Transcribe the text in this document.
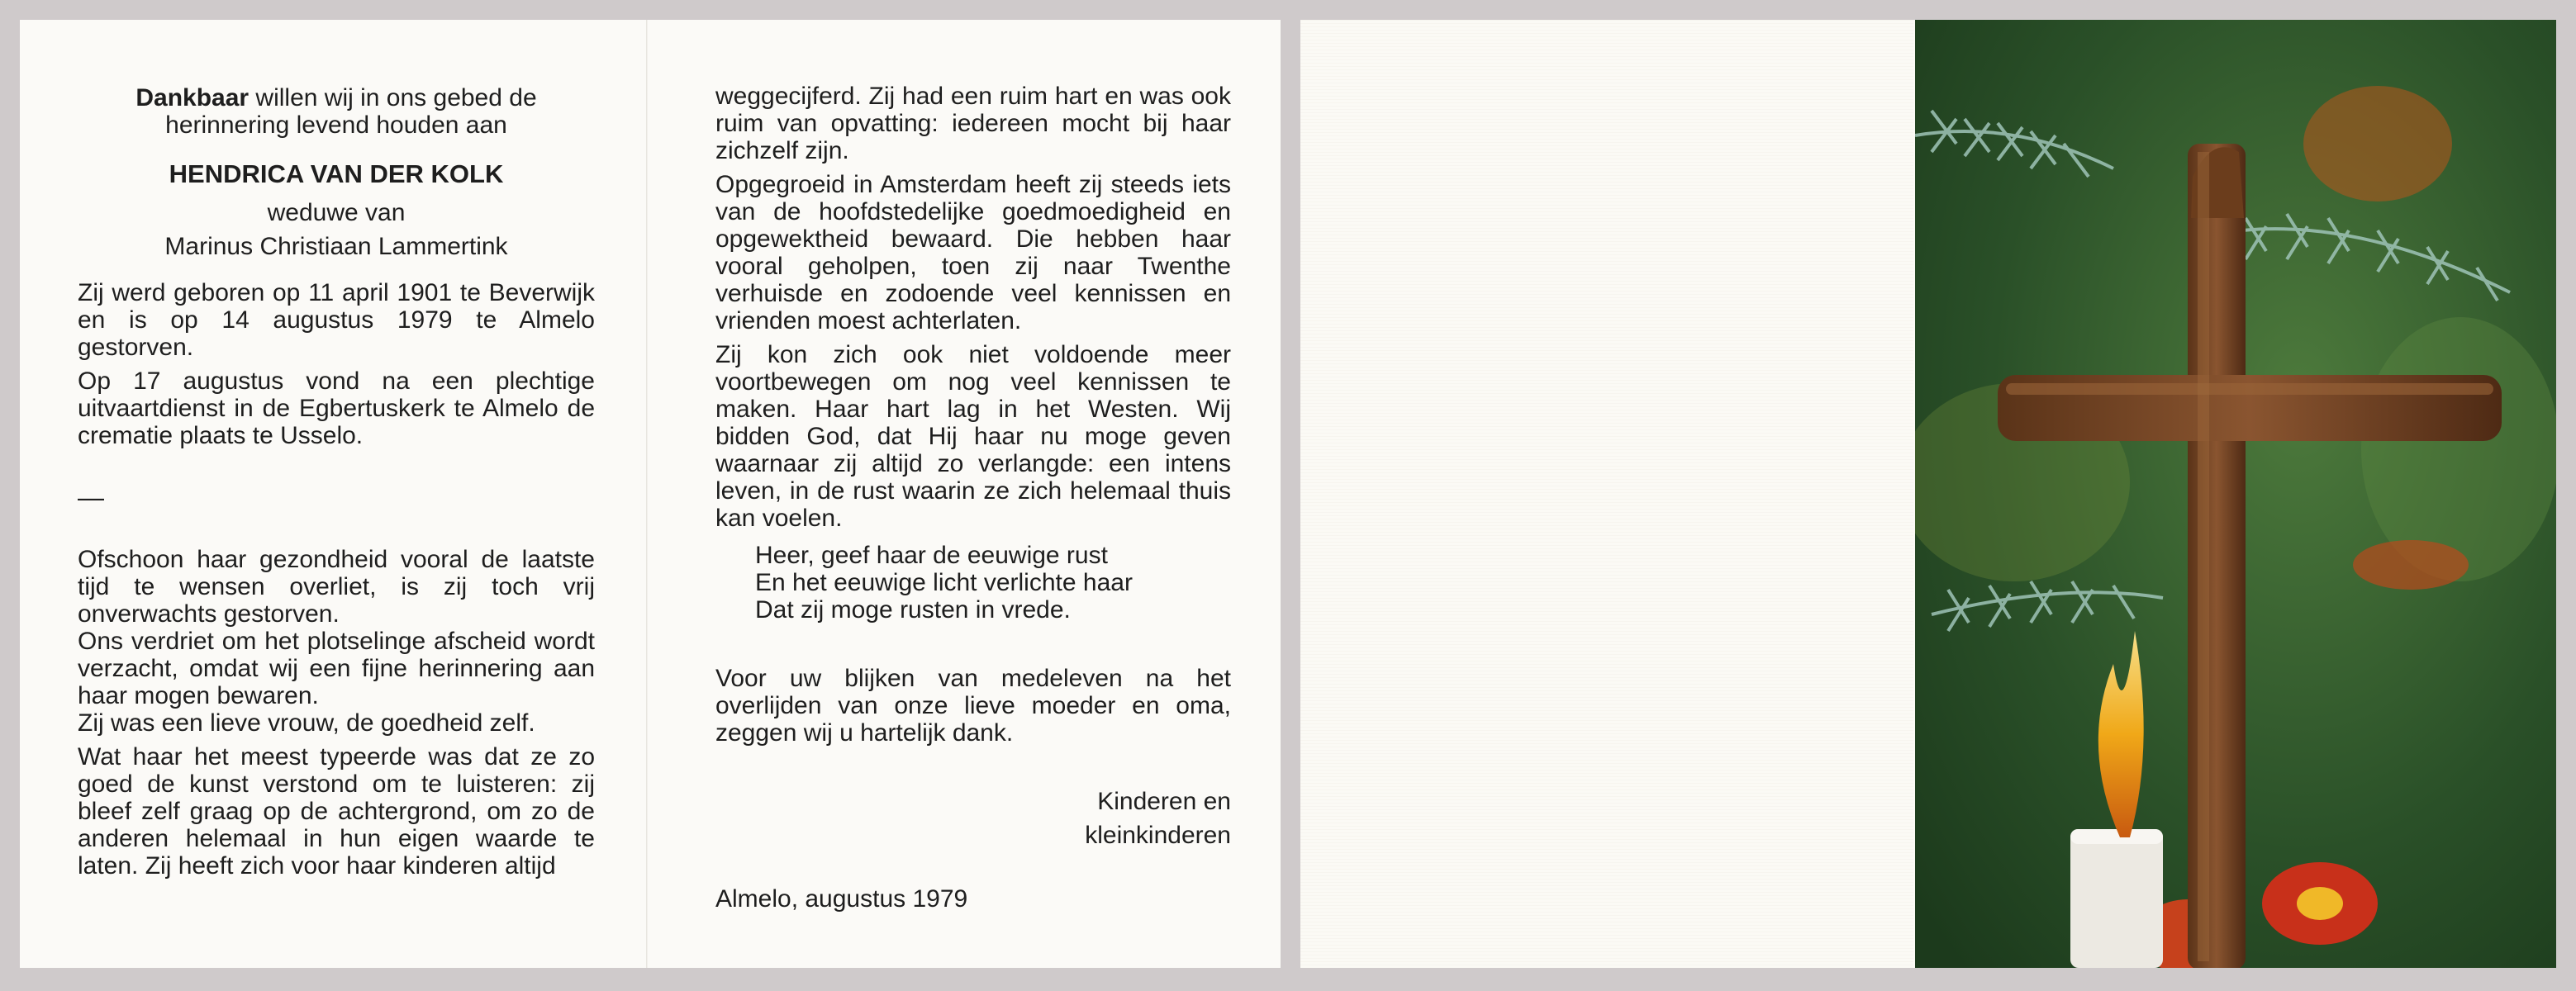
Dankbaar willen wij in ons gebed de

herinnering levend houden aan

HENDRICA VAN DER KOLK

weduwe van

Marinus Christiaan Lammertink

Zij werd geboren op 11 april 1901 te Beverwijk en is op 14 augustus 1979 te Almelo gestorven.

Op 17 augustus vond na een plechtige uitvaartdienst in de Egbertuskerk te Almelo de crematie plaats te Usselo.

—

Ofschoon haar gezondheid vooral de laatste tijd te wensen overliet, is zij toch vrij onverwachts gestorven.

Ons verdriet om het plotselinge afscheid wordt verzacht, omdat wij een fijne herinnering aan haar mogen bewaren.

Zij was een lieve vrouw, de goedheid zelf.

Wat haar het meest typeerde was dat ze zo goed de kunst verstond om te luisteren: zij bleef zelf graag op de achtergrond, om zo de anderen helemaal in hun eigen waarde te laten. Zij heeft zich voor haar kinderen altijd

weggecijferd. Zij had een ruim hart en was ook ruim van opvatting: iedereen mocht bij haar zichzelf zijn.

Opgegroeid in Amsterdam heeft zij steeds iets van de hoofdstedelijke goedmoedigheid en opgewektheid bewaard. Die hebben haar vooral geholpen, toen zij naar Twenthe verhuisde en zodoende veel kennissen en vrienden moest achterlaten.

Zij kon zich ook niet voldoende meer voortbewegen om nog veel kennissen te maken. Haar hart lag in het Westen. Wij bidden God, dat Hij haar nu moge geven waarnaar zij altijd zo verlangde: een intens leven, in de rust waarin ze zich helemaal thuis kan voelen.

Heer, geef haar de eeuwige rust

En het eeuwige licht verlichte haar

Dat zij moge rusten in vrede.

Voor uw blijken van medeleven na het overlijden van onze lieve moeder en oma, zeggen wij u hartelijk dank.

Kinderen en

kleinkinderen

Almelo, augustus 1979
